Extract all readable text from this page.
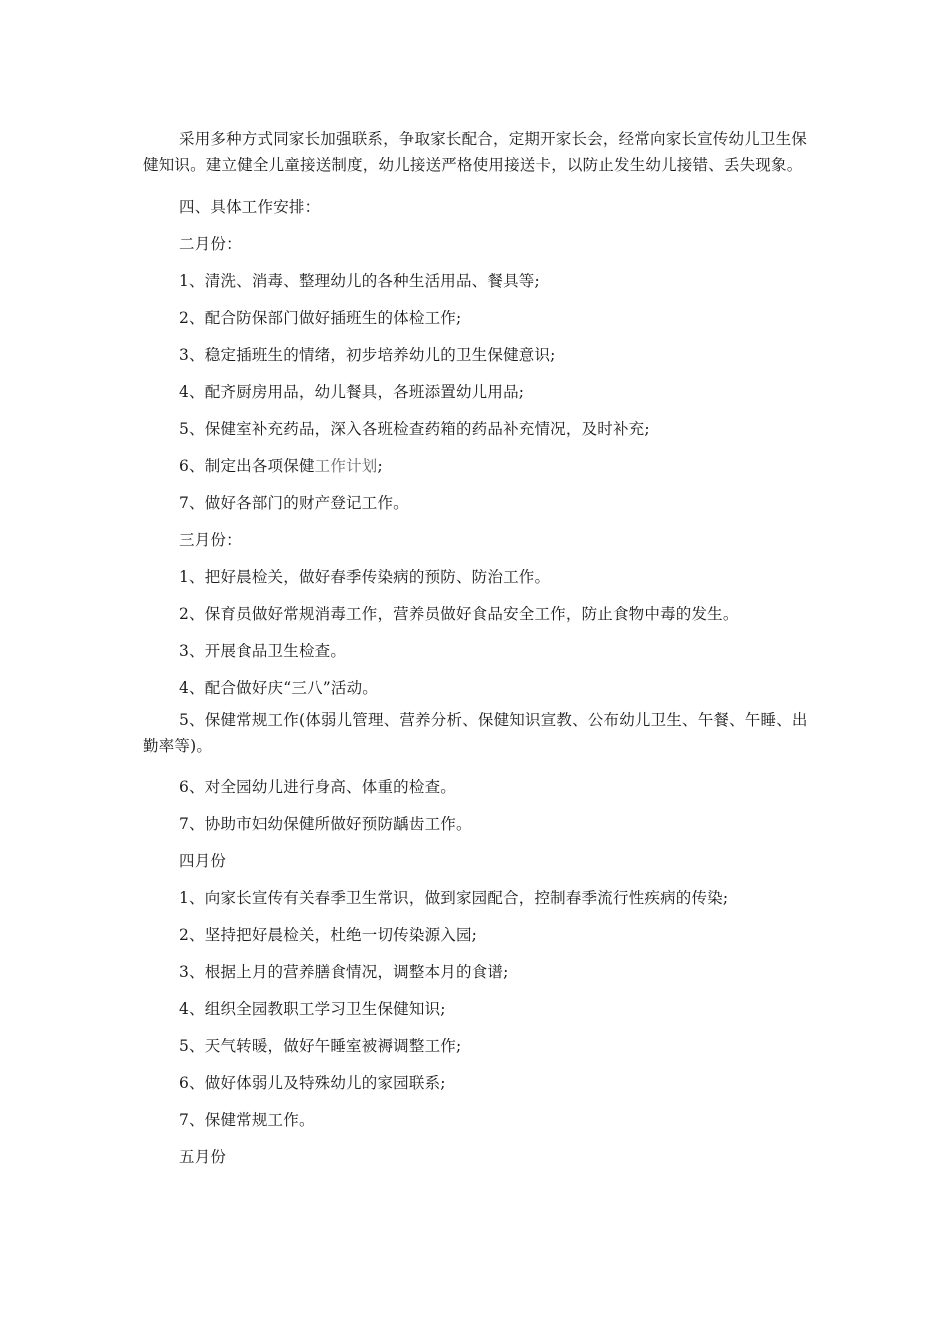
采用多种方式同家长加强联系，争取家长配合，定期开家长会，经常向家长宣传幼儿卫生保健知识。建立健全儿童接送制度，幼儿接送严格使用接送卡，以防止发生幼儿接错、丢失现象。

四、具体工作安排：

二月份：

1、清洗、消毒、整理幼儿的各种生活用品、餐具等;

2、配合防保部门做好插班生的体检工作;

3、稳定插班生的情绪，初步培养幼儿的卫生保健意识;

4、配齐厨房用品，幼儿餐具，各班添置幼儿用品;

5、保健室补充药品，深入各班检查药箱的药品补充情况，及时补充;

6、制定出各项保健工作计划;

7、做好各部门的财产登记工作。

三月份：

1、把好晨检关，做好春季传染病的预防、防治工作。

2、保育员做好常规消毒工作，营养员做好食品安全工作，防止食物中毒的发生。

3、开展食品卫生检查。

4、配合做好庆“三八”活动。

5、保健常规工作(体弱儿管理、营养分析、保健知识宣教、公布幼儿卫生、午餐、午睡、出勤率等)。

6、对全园幼儿进行身高、体重的检查。

7、协助市妇幼保健所做好预防龋齿工作。

四月份

1、向家长宣传有关春季卫生常识，做到家园配合，控制春季流行性疾病的传染;

2、坚持把好晨检关，杜绝一切传染源入园;

3、根据上月的营养膳食情况，调整本月的食谱;

4、组织全园教职工学习卫生保健知识;

5、天气转暖，做好午睡室被褥调整工作;

6、做好体弱儿及特殊幼儿的家园联系;

7、保健常规工作。

五月份
